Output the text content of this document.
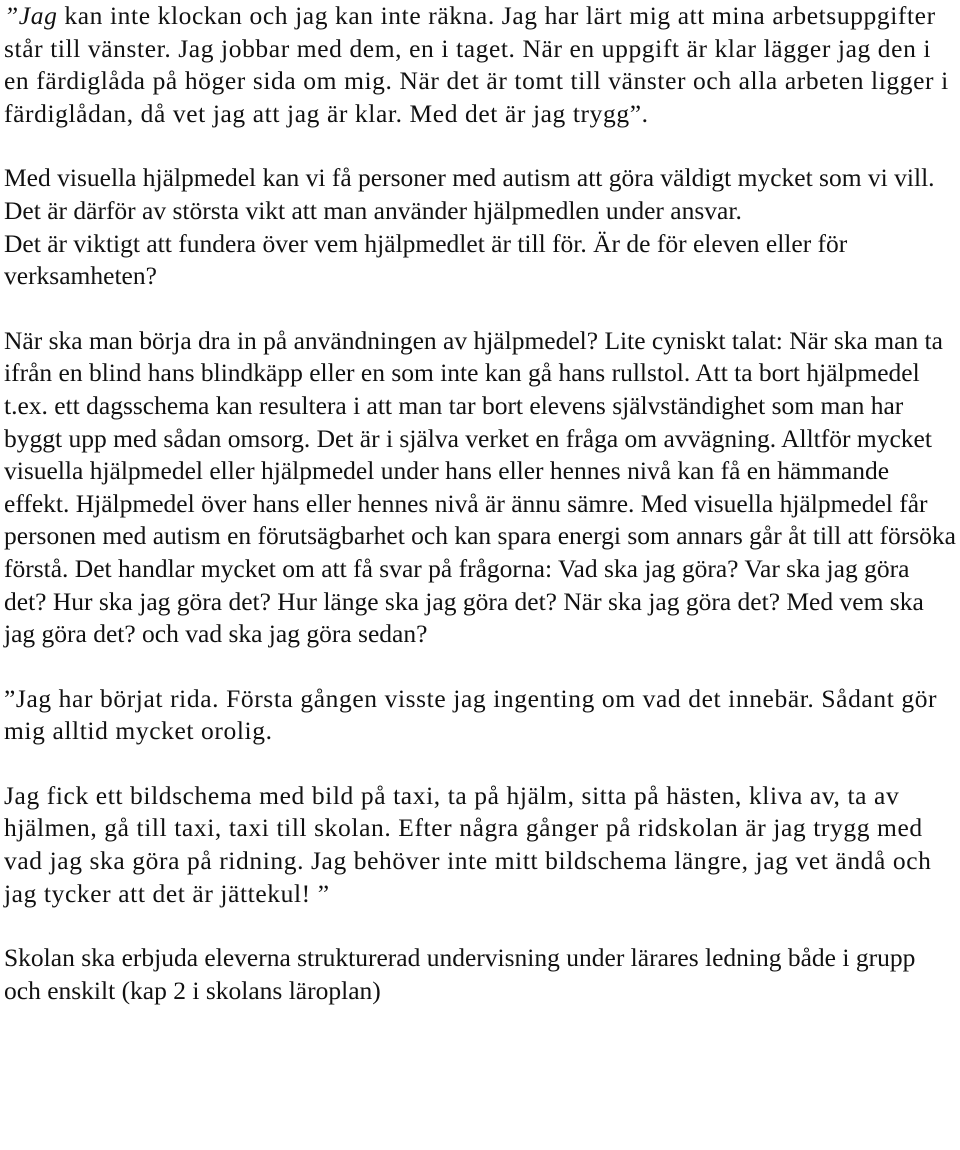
”Jag kan inte klockan och jag kan inte räkna. Jag har lärt mig att mina arbetsuppgifter står till vänster. Jag jobbar med dem, en i taget. När en uppgift är klar lägger jag den i en färdiglåda på höger sida om mig. När det är tomt till vänster och alla arbeten ligger i färdiglådan, då vet jag att jag är klar. Med det är jag trygg”.

Med visuella hjälpmedel kan vi få personer med autism att göra väldigt mycket som vi vill. Det är därför av största vikt att man använder hjälpmedlen under ansvar.

Det är viktigt att fundera över vem hjälpmedlet är till för. Är de för eleven eller för verksamheten?

När ska man börja dra in på användningen av hjälpmedel? Lite cyniskt talat: När ska man ta ifrån en blind hans blindkäpp eller en som inte kan gå hans rullstol. Att ta bort hjälpmedel t.ex. ett dagsschema kan resultera i att man tar bort elevens självständighet som man har byggt upp med sådan omsorg. Det är i själva verket en fråga om avvägning. Alltför mycket visuella hjälpmedel eller hjälpmedel under hans eller hennes nivå kan få en hämmande effekt. Hjälpmedel över hans eller hennes nivå är ännu sämre. Med visuella hjälpmedel får personen med autism en förutsägbarhet och kan spara energi som annars går åt till att försöka förstå. Det handlar mycket om att få svar på frågorna: Vad ska jag göra? Var ska jag göra det? Hur ska jag göra det? Hur länge ska jag göra det? När ska jag göra det? Med vem ska jag göra det? och vad ska jag göra sedan?

”Jag har börjat rida. Första gången visste jag ingenting om vad det innebär. Sådant gör mig alltid mycket orolig.

Jag fick ett bildschema med bild på taxi, ta på hjälm, sitta på hästen, kliva av, ta av hjälmen, gå till taxi, taxi till skolan. Efter några gånger på ridskolan är jag trygg med vad jag ska göra på ridning. Jag behöver inte mitt bildschema längre, jag vet ändå och jag tycker att det är jättekul! ”

Skolan ska erbjuda eleverna strukturerad undervisning under lärares ledning både i grupp och enskilt (kap 2 i skolans läroplan)
